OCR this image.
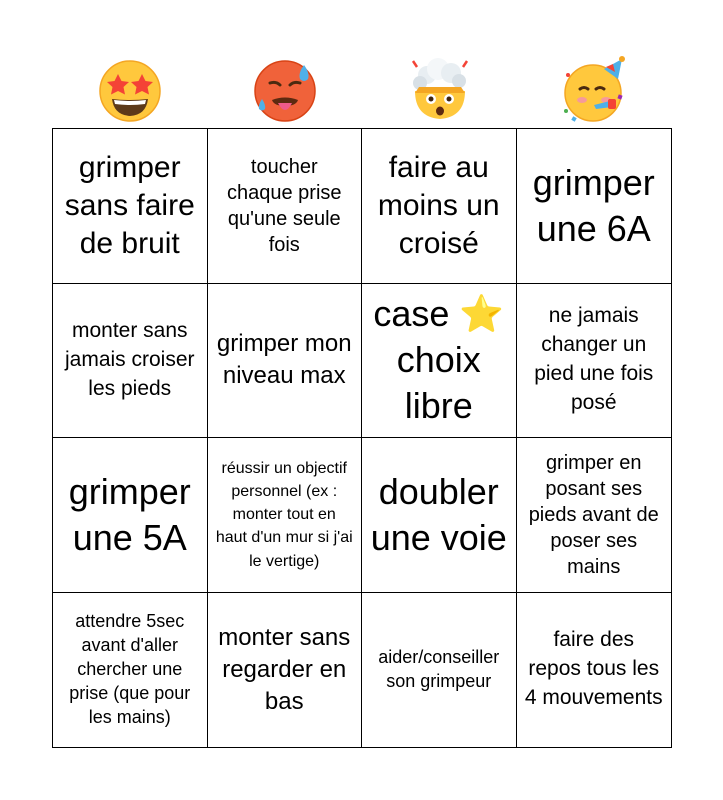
grimper sans faire de bruit
toucher chaque prise qu'une seule fois
faire au moins un croisé
grimper une 6A
monter sans jamais croiser les pieds
grimper mon niveau max
case ⭐ choix libre
ne jamais changer un pied une fois posé
grimper une 5A
réussir un objectif personnel (ex : monter tout en haut d'un mur si j'ai le vertige)
doubler une voie
grimper en posant ses pieds avant de poser ses mains
attendre 5sec avant d'aller chercher une prise (que pour les mains)
monter sans regarder en bas
aider/conseiller son grimpeur
faire des repos tous les 4 mouvements
